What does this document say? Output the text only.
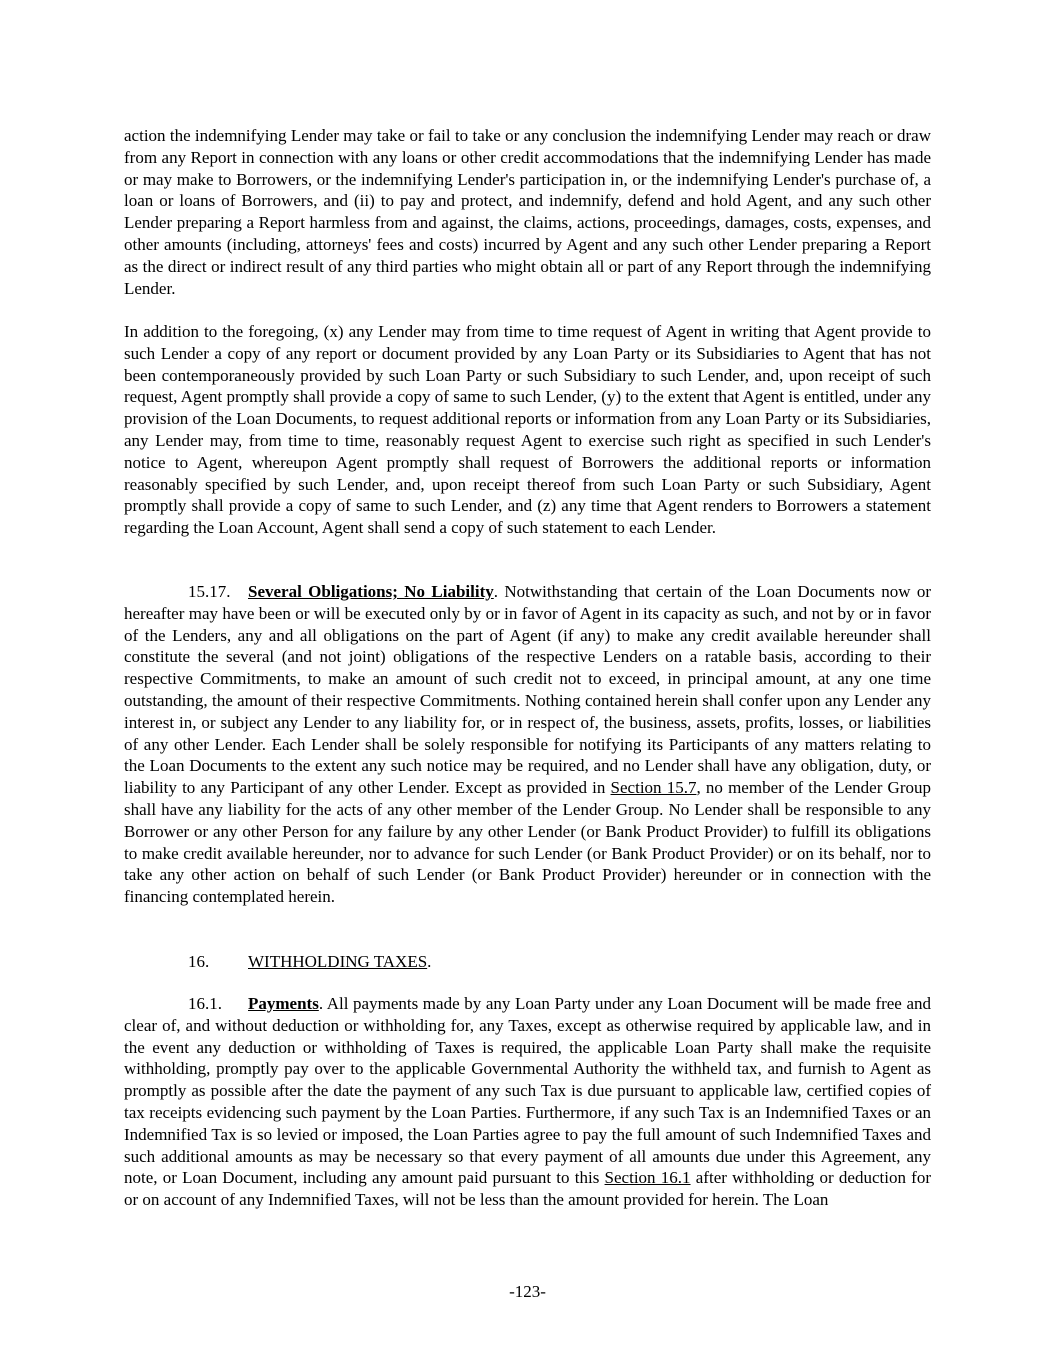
action the indemnifying Lender may take or fail to take or any conclusion the indemnifying Lender may reach or draw from any Report in connection with any loans or other credit accommodations that the indemnifying Lender has made or may make to Borrowers, or the indemnifying Lender's participation in, or the indemnifying Lender's purchase of, a loan or loans of Borrowers, and (ii) to pay and protect, and indemnify, defend and hold Agent, and any such other Lender preparing a Report harmless from and against, the claims, actions, proceedings, damages, costs, expenses, and other amounts (including, attorneys' fees and costs) incurred by Agent and any such other Lender preparing a Report as the direct or indirect result of any third parties who might obtain all or part of any Report through the indemnifying Lender.

In addition to the foregoing, (x) any Lender may from time to time request of Agent in writing that Agent provide to such Lender a copy of any report or document provided by any Loan Party or its Subsidiaries to Agent that has not been contemporaneously provided by such Loan Party or such Subsidiary to such Lender, and, upon receipt of such request, Agent promptly shall provide a copy of same to such Lender, (y) to the extent that Agent is entitled, under any provision of the Loan Documents, to request additional reports or information from any Loan Party or its Subsidiaries, any Lender may, from time to time, reasonably request Agent to exercise such right as specified in such Lender's notice to Agent, whereupon Agent promptly shall request of Borrowers the additional reports or information reasonably specified by such Lender, and, upon receipt thereof from such Loan Party or such Subsidiary, Agent promptly shall provide a copy of same to such Lender, and (z) any time that Agent renders to Borrowers a statement regarding the Loan Account, Agent shall send a copy of such statement to each Lender.

15.17. Several Obligations; No Liability. Notwithstanding that certain of the Loan Documents now or hereafter may have been or will be executed only by or in favor of Agent in its capacity as such, and not by or in favor of the Lenders, any and all obligations on the part of Agent (if any) to make any credit available hereunder shall constitute the several (and not joint) obligations of the respective Lenders on a ratable basis, according to their respective Commitments, to make an amount of such credit not to exceed, in principal amount, at any one time outstanding, the amount of their respective Commitments. Nothing contained herein shall confer upon any Lender any interest in, or subject any Lender to any liability for, or in respect of, the business, assets, profits, losses, or liabilities of any other Lender. Each Lender shall be solely responsible for notifying its Participants of any matters relating to the Loan Documents to the extent any such notice may be required, and no Lender shall have any obligation, duty, or liability to any Participant of any other Lender. Except as provided in Section 15.7, no member of the Lender Group shall have any liability for the acts of any other member of the Lender Group. No Lender shall be responsible to any Borrower or any other Person for any failure by any other Lender (or Bank Product Provider) to fulfill its obligations to make credit available hereunder, nor to advance for such Lender (or Bank Product Provider) or on its behalf, nor to take any other action on behalf of such Lender (or Bank Product Provider) hereunder or in connection with the financing contemplated herein.

16. WITHHOLDING TAXES.

16.1. Payments. All payments made by any Loan Party under any Loan Document will be made free and clear of, and without deduction or withholding for, any Taxes, except as otherwise required by applicable law, and in the event any deduction or withholding of Taxes is required, the applicable Loan Party shall make the requisite withholding, promptly pay over to the applicable Governmental Authority the withheld tax, and furnish to Agent as promptly as possible after the date the payment of any such Tax is due pursuant to applicable law, certified copies of tax receipts evidencing such payment by the Loan Parties. Furthermore, if any such Tax is an Indemnified Taxes or an Indemnified Tax is so levied or imposed, the Loan Parties agree to pay the full amount of such Indemnified Taxes and such additional amounts as may be necessary so that every payment of all amounts due under this Agreement, any note, or Loan Document, including any amount paid pursuant to this Section 16.1 after withholding or deduction for or on account of any Indemnified Taxes, will not be less than the amount provided for herein. The Loan

-123-
